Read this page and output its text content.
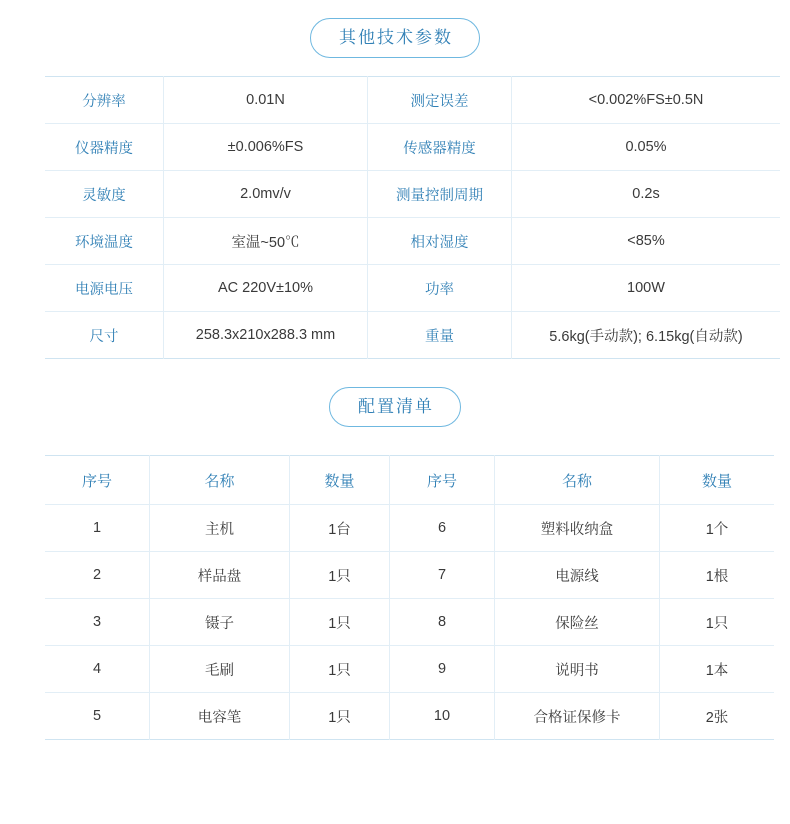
其他技术参数
分辨率	0.01N	测定误差	<0.002%FS±0.5N
仪器精度	±0.006%FS	传感器精度	0.05%
灵敏度	2.0mv/v	测量控制周期	0.2s
环境温度	室温~50℃	相对湿度	<85%
电源电压	AC 220V±10%	功率	100W
尺寸	258.3x210x288.3 mm	重量	5.6kg(手动款); 6.15kg(自动款)
配置清单
序号	名称	数量	序号	名称	数量
1	主机	1台	6	塑料收纳盒	1个
2	样品盘	1只	7	电源线	1根
3	镊子	1只	8	保险丝	1只
4	毛刷	1只	9	说明书	1本
5	电容笔	1只	10	合格证保修卡	2张
